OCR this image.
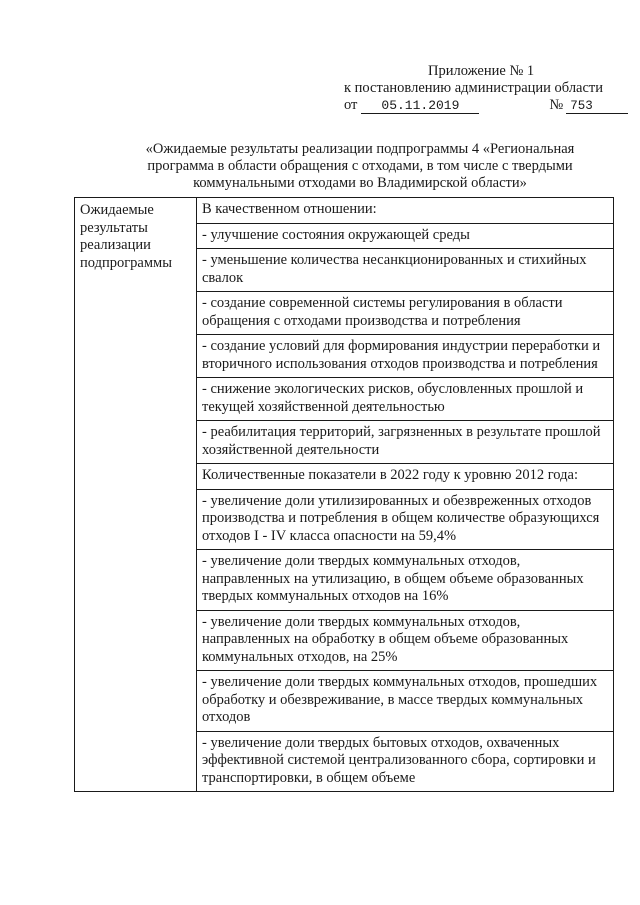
Приложение № 1
к постановлению администрации области
от	05.11.2019	№ 753
«Ожидаемые результаты реализации подпрограммы 4 «Региональная
программа в области обращения с отходами, в том числе с твердыми
коммунальными отходами во Владимирской области»
Ожидаемые
результаты
реализации
подпрограммы
	В качественном отношении:
- улучшение состояния окружающей среды
- уменьшение количества несанкционированных и стихийных свалок
- создание современной системы регулирования в области обращения с отходами производства и потребления
- создание условий для формирования индустрии переработки и вторичного использования отходов производства и потребления
- снижение экологических рисков, обусловленных прошлой и текущей хозяйственной деятельностью
- реабилитация территорий, загрязненных в результате прошлой хозяйственной деятельности
Количественные показатели в 2022 году к уровню 2012 года:
- увеличение доли утилизированных и обезвреженных отходов производства и потребления в общем количестве образующихся отходов I - IV класса опасности на 59,4%
- увеличение доли твердых коммунальных отходов, направленных на утилизацию, в общем объеме образованных твердых коммунальных отходов на 16%
- увеличение доли твердых коммунальных отходов, направленных на обработку в общем объеме образованных коммунальных отходов, на 25%
- увеличение доли твердых коммунальных отходов, прошедших обработку и обезвреживание, в массе твердых коммунальных отходов
- увеличение доли твердых бытовых отходов, охваченных эффективной системой централизованного сбора, сортировки и транспортировки, в общем объеме
